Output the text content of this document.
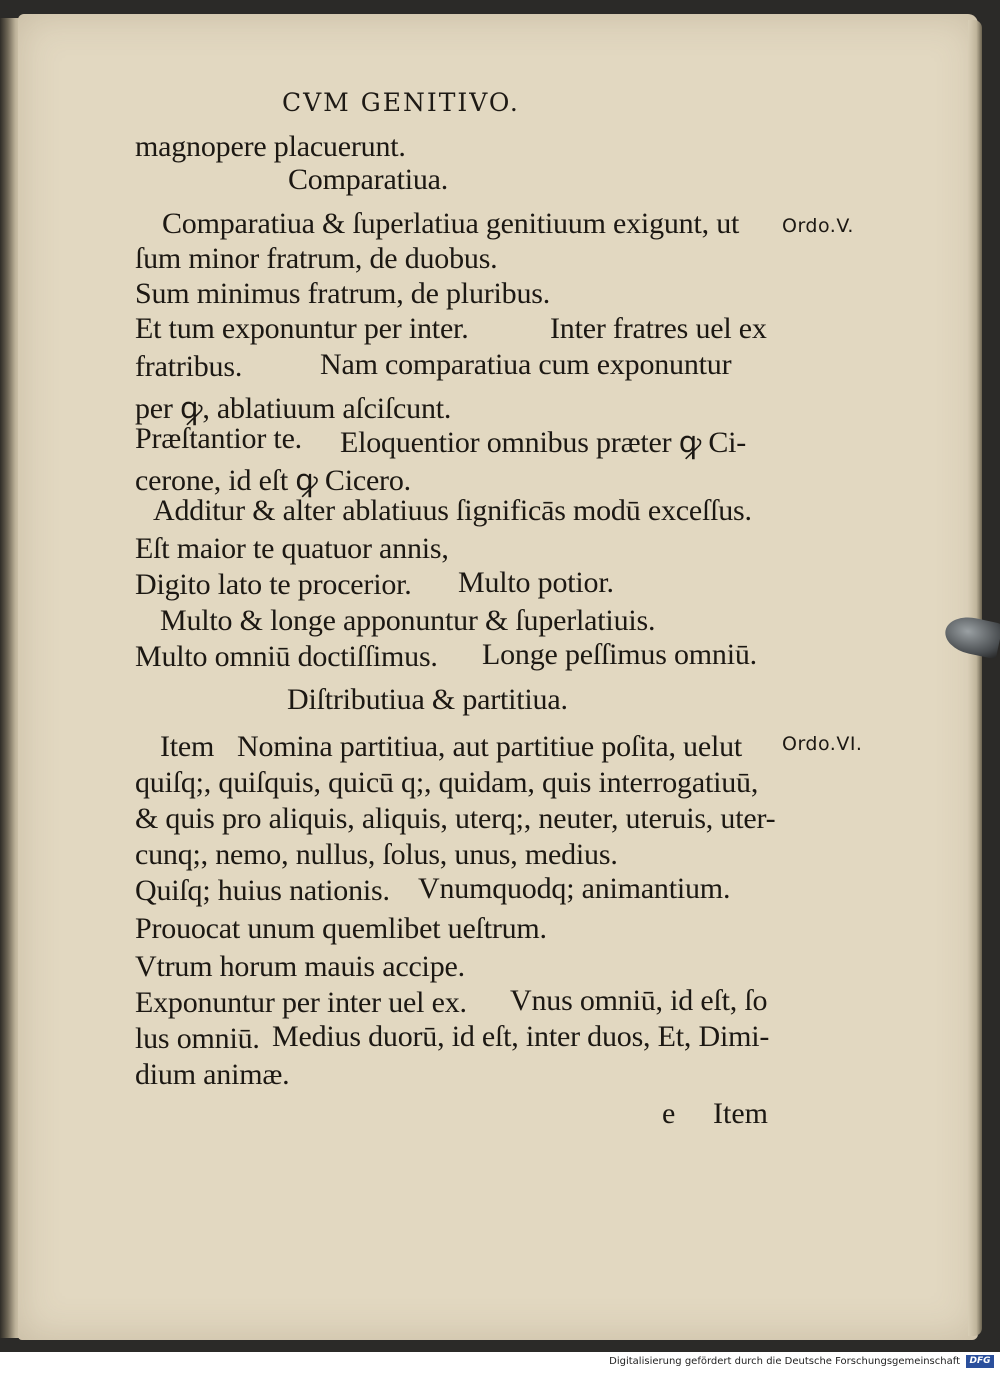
CVM GENITIVO.
magnopere placuerunt.
Comparatiua.
Comparatiua & ſuperlatiua genitiuum exigunt, ut Ordo.V.
ſum minor fratrum, de duobus.
Sum minimus fratrum, de pluribus.
Et tum exponuntur per inter.	Inter fratres uel ex
fratribus.	Nam comparatiua cum exponuntur
per ꝙ, ablatiuum aſciſcunt.
Præſtantior te. Eloquentior omnibus præter ꝙ Ci-
cerone, id eſt ꝙ Cicero.
Additur & alter ablatiuus ſignificās modū exceſſus.
Eſt maior te quatuor annis,
Digito lato te procerior. Multo potior.
Multo & longe apponuntur & ſuperlatiuis.
Multo omniū doctiſſimus. Longe peſſimus omniū.
Diſtributiua & partitiua.
Item Nomina partitiua, aut partitiue poſita, uelut Ordo.VI.
quiſq;, quiſquis, quicū q;, quidam, quis interrogatiuū,
& quis pro aliquis, aliquis, uterq;, neuter, uteruis, uter-
cunq;, nemo, nullus, ſolus, unus, medius.
Quiſq; huius nationis. Vnumquodq; animantium.
Prouocat unum quemlibet ueſtrum.
Vtrum horum mauis accipe.
Exponuntur per inter uel ex. Vnus omniū, id eſt, ſo
lus omniū. Medius duorū, id eſt, inter duos, Et, Dimi-
dium animæ.
e Item
Digitalisierung gefördert durch die Deutsche Forschungsgemeinschaft	DFG
